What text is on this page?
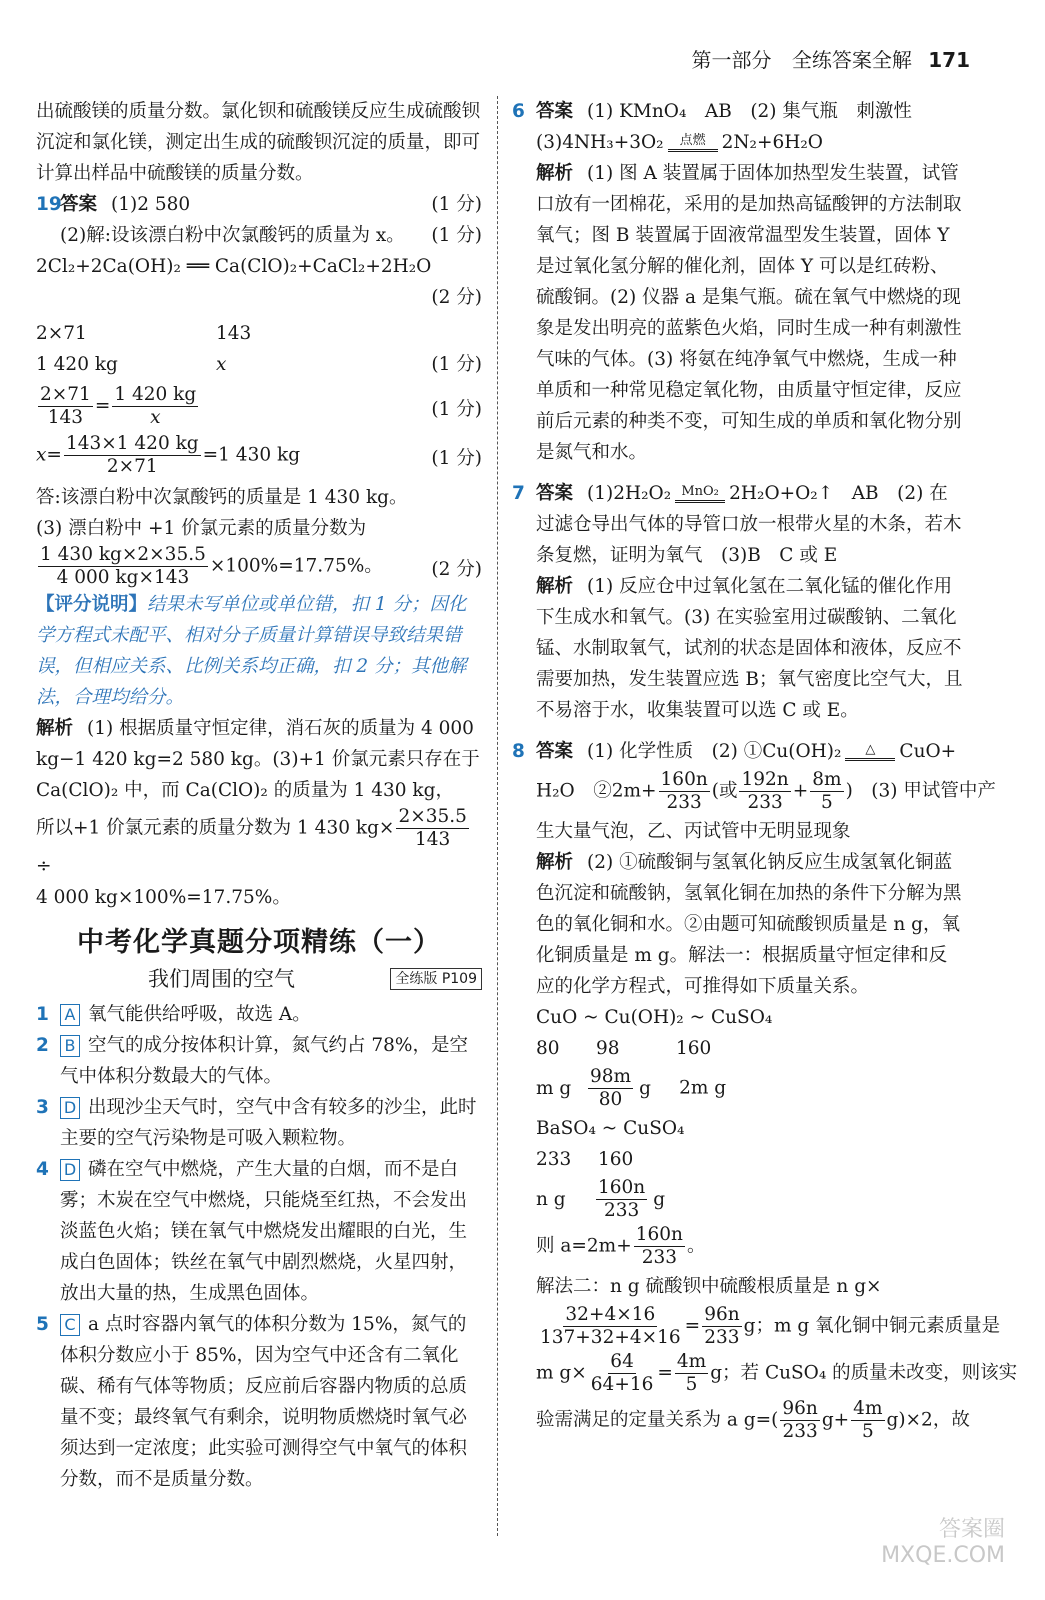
第一部分 全练答案全解 171

出硫酸镁的质量分数。氯化钡和硫酸镁反应生成硫酸钡沉淀和氯化镁，测定出生成的硫酸钡沉淀的质量，即可计算出样品中硫酸镁的质量分数。

19答案 (1)2 580	(1 分)
(2)解:设该漂白粉中次氯酸钙的质量为 x。 (1 分)
2Cl₂+2Ca(OH)₂ ══ Ca(ClO)₂+CaCl₂+2H₂O
(2 分)
2×71	143
1 420 kg	x	(1 分)
$\frac{2\times 71}{143} = \frac{1 420 kg}{x}$	(1 分)
$x= \frac{143\times 1 420 kg}{2\times 71} =1$ 430 kg	(1 分)

答:该漂白粉中次氯酸钙的质量是 1 430 kg。

(3) 漂白粉中 +1 价氯元素的质量分数为

$\frac{1 430 kg\times 2\times 35.5}{4 000 kg\times 143} \times 100\%=17.75\%$。	(2 分)

【评分说明】结果未写单位或单位错，扣 1 分；因化学方程式未配平、相对分子质量计算错误导致结果错误，但相应关系、比例关系均正确，扣 2 分；其他解法，合理均给分。

解析 (1) 根据质量守恒定律，消石灰的质量为 4 000 kg−1 420 kg=2 580 kg。(3)+1 价氯元素只存在于 Ca(ClO)₂ 中，而 Ca(ClO)₂ 的质量为 1 430 kg，

所以+1 价氯元素的质量分数为 1 430 $kg\times \frac{2\times 35.5}{143}$
÷

4 000 kg×100%=17.75%。

中考化学真题分项精练（一）
我们周围的空气	全练版 P109
1 A 氧气能供给呼吸，故选 A。
2 B 空气的成分按体积计算，氮气约占 78%，是空气中体积分数最大的气体。
3 D 出现沙尘天气时，空气中含有较多的沙尘，此时主要的空气污染物是可吸入颗粒物。
4 D 磷在空气中燃烧，产生大量的白烟，而不是白雾；木炭在空气中燃烧，只能烧至红热，不会发出淡蓝色火焰；镁在氧气中燃烧发出耀眼的白光，生成白色固体；铁丝在氧气中剧烈燃烧，火星四射，放出大量的热，生成黑色固体。
5 C a 点时容器内氧气的体积分数为 15%，氮气的体积分数应小于 85%，因为空气中还含有二氧化碳、稀有气体等物质；反应前后容器内物质的总质量不变；最终氧气有剩余，说明物质燃烧时氧气必须达到一定浓度；此实验可测得空气中氧气的体积分数，而不是质量分数。
6 答案 (1) KMnO₄　AB　(2) 集气瓶　刺激性
(3)4NH₃+3O₂ 点燃 2N₂+6H₂O

解析 (1) 图 A 装置属于固体加热型发生装置，试管口放有一团棉花，采用的是加热高锰酸钾的方法制取氧气；图 B 装置属于固液常温型发生装置，固体 Y 是过氧化氢分解的催化剂，固体 Y 可以是红砖粉、硫酸铜。(2) 仪器 a 是集气瓶。硫在氧气中燃烧的现象是发出明亮的蓝紫色火焰，同时生成一种有刺激性气味的气体。(3) 将氨在纯净氧气中燃烧，生成一种单质和一种常见稳定氧化物，由质量守恒定律，反应前后元素的种类不变，可知生成的单质和氧化物分别是氮气和水。

7 答案 (1)2H₂O₂ MnO₂ 2H₂O+O₂↑　AB　(2) 在

过滤仓导出气体的导管口放一根带火星的木条，若木条复燃，证明为氧气　(3)B　C 或 E

解析 (1) 反应仓中过氧化氢在二氧化锰的催化作用下生成水和氧气。(3) 在实验室用过碳酸钠、二氧化锰、水制取氧气，试剂的状态是固体和液体，反应不需要加热，发生装置应选 B；氧气密度比空气大，且不易溶于水，收集装置可以选 C 或 E。

8 答案 (1) 化学性质　(2) ①Cu(OH)₂ △ CuO+
H₂O　②2m+ $\frac{160n}{233}$ (或 $\frac{192n}{233} + \frac{8m}{5}$ )　(3) 甲试管中产

生大量气泡，乙、丙试管中无明显现象

解析 (2) ①硫酸铜与氢氧化钠反应生成氢氧化铜蓝色沉淀和硫酸钠，氢氧化铜在加热的条件下分解为黑色的氧化铜和水。②由题可知硫酸钡质量是 n g，氧化铜质量是 m g。解法一：根据质量守恒定律和反应的化学方程式，可推得如下质量关系。

CuO ~ Cu(OH)₂ ~ CuSO₄
80 98	160
m g $\frac{98m}{80}$ g 2m g
BaSO₄ ~ CuSO₄
233 160
n g $\frac{160n}{233}$ g
则 $a=2m+ \frac{160n}{233}$ 。

解法二：n g 硫酸钡中硫酸根质量是 n g×

$\frac{32+4\times 16}{137+32+4\times 16} = \frac{96n}{233}$ g；m g 氧化铜中铜元素质量是
m $g\times \frac{64}{64+16} = \frac{4m}{5}$ g；若 CuSO₄ 的质量未改变，则该实
验需满足的定量关系为 a $g=( \frac{96n}{233} g+ \frac{4m}{5} g)\times 2$，故
答案圈 MXQE.COM
